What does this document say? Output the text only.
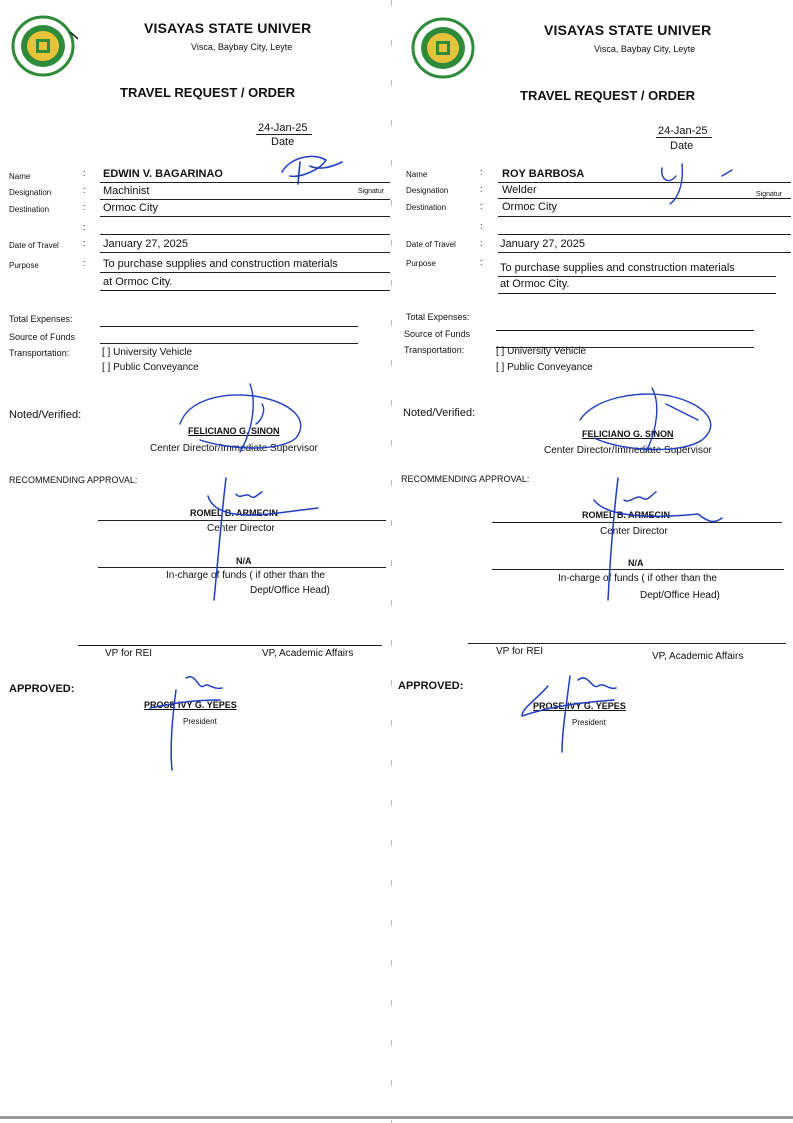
VISAYAS STATE UNIVER
Visca, Baybay City, Leyte
TRAVEL REQUEST / ORDER
24-Jan-25
Date
Name	: EDWIN V. BAGARINAO
Signatur
Designation	: Machinist
Destination	: Ormoc City
:
Date of Travel	: January 27, 2025
Purpose	: To purchase supplies and construction materials
at Ormoc City.
Total Expenses:
Source of Funds
Transportation:	[ ] University Vehicle
[ ] Public Conveyance
Noted/Verified:
FELICIANO G. SINON
Center Director/Immediate Supervisor
RECOMMENDING APPROVAL:
ROMEL B. ARMECIN
Center Director
N/A
In-charge of funds ( if other than the
Dept/Office Head)
VP for REI	VP, Academic Affairs
APPROVED:
PROSE IVY G. YEPES
President
VISAYAS STATE UNIVER
Visca, Baybay City, Leyte
TRAVEL REQUEST / ORDER
24-Jan-25
Date
Name	: ROY BARBOSA
Signatur
Designation	: Welder
Destination	: Ormoc City
:
Date of Travel	: January 27, 2025
Purpose	: To purchase supplies and construction materials
at Ormoc City.
Total Expenses:
Source of Funds
Transportation:	[ ] University Vehicle
[ ] Public Conveyance
Noted/Verified:
FELICIANO G. SINON
Center Director/Immediate Supervisor
RECOMMENDING APPROVAL:
ROMEL B. ARMECIN
Center Director
N/A
In-charge of funds ( if other than the
Dept/Office Head)
VP for REI	VP, Academic Affairs
APPROVED:
PROSE IVY G. YEPES
President
